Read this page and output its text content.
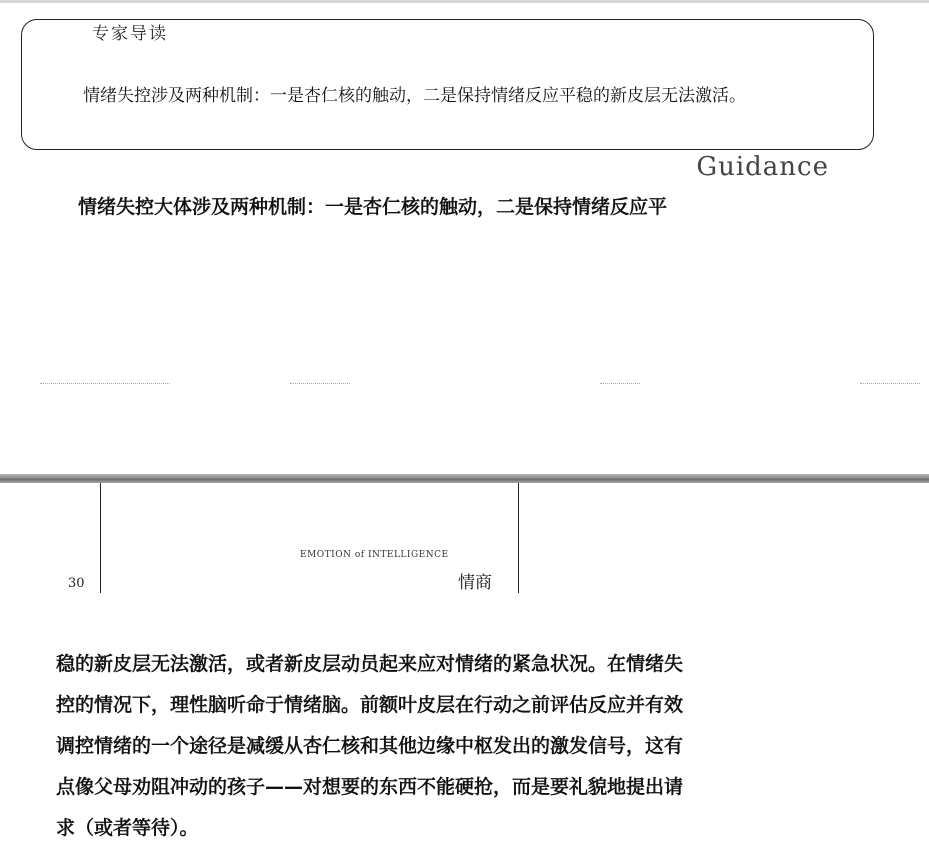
专家导读
情绪失控涉及两种机制：一是杏仁核的触动，二是保持情绪反应平稳的新皮层无法激活。
Guidance
情绪失控大体涉及两种机制：一是杏仁核的触动，二是保持情绪反应平
30
EMOTION of INTELLIGENCE
情商

稳的新皮层无法激活，或者新皮层动员起来应对情绪的紧急状况。在情绪失

控的情况下，理性脑听命于情绪脑。前额叶皮层在行动之前评估反应并有效

调控情绪的一个途径是减缓从杏仁核和其他边缘中枢发出的激发信号，这有

点像父母劝阻冲动的孩子——对想要的东西不能硬抢，而是要礼貌地提出请

求（或者等待）。
